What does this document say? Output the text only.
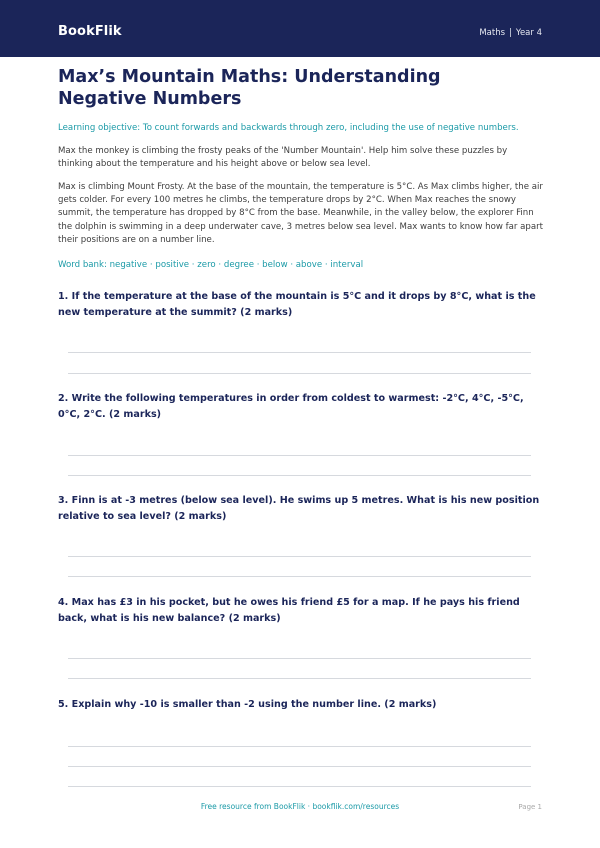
BookFlik	Maths | Year 4
Max’s Mountain Maths: Understanding Negative Numbers

Learning objective: To count forwards and backwards through zero, including the use of negative numbers.

Max the monkey is climbing the frosty peaks of the 'Number Mountain'. Help him solve these puzzles by thinking about the temperature and his height above or below sea level.

Max is climbing Mount Frosty. At the base of the mountain, the temperature is 5°C. As Max climbs higher, the air gets colder. For every 100 metres he climbs, the temperature drops by 2°C. When Max reaches the snowy summit, the temperature has dropped by 8°C from the base. Meanwhile, in the valley below, the explorer Finn the dolphin is swimming in a deep underwater cave, 3 metres below sea level. Max wants to know how far apart their positions are on a number line.

Word bank: negative · positive · zero · degree · below · above · interval

1. If the temperature at the base of the mountain is 5°C and it drops by 8°C, what is the new temperature at the summit? (2 marks)

2. Write the following temperatures in order from coldest to warmest: -2°C, 4°C, -5°C, 0°C, 2°C. (2 marks)

3. Finn is at -3 metres (below sea level). He swims up 5 metres. What is his new position relative to sea level? (2 marks)

4. Max has £3 in his pocket, but he owes his friend £5 for a map. If he pays his friend back, what is his new balance? (2 marks)

5. Explain why -10 is smaller than -2 using the number line. (2 marks)

Free resource from BookFlik · bookflik.com/resources	Page 1
